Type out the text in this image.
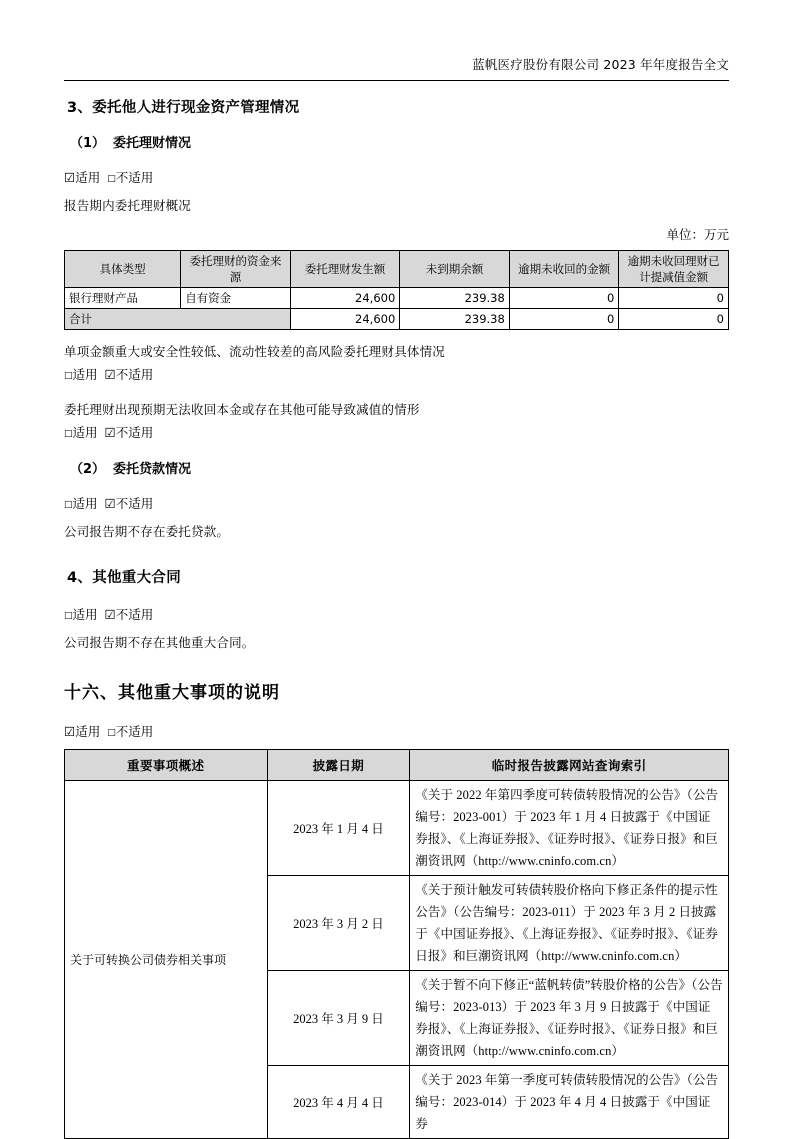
蓝帆医疗股份有限公司 2023 年年度报告全文
3、委托他人进行现金资产管理情况
（1） 委托理财情况

☑适用 □不适用

报告期内委托理财概况

单位：万元

具体类型	委托理财的资金来源	委托理财发生额	未到期余额	逾期未收回的金额	逾期未收回理财已计提减值金额
银行理财产品	自有资金	24,600	239.38	0	0
合计		24,600	239.38	0	0

单项金额重大或安全性较低、流动性较差的高风险委托理财具体情况

□适用 ☑不适用

委托理财出现预期无法收回本金或存在其他可能导致减值的情形

□适用 ☑不适用

（2） 委托贷款情况

□适用 ☑不适用

公司报告期不存在委托贷款。

4、其他重大合同

□适用 ☑不适用

公司报告期不存在其他重大合同。

十六、其他重大事项的说明

☑适用 □不适用

重要事项概述	披露日期	临时报告披露网站查询索引
关于可转换公司债券相关事项	2023 年 1 月 4 日	《关于 2022 年第四季度可转债转股情况的公告》（公告编号：2023-001）于 2023 年 1 月 4 日披露于《中国证券报》、《上海证券报》、《证券时报》、《证券日报》和巨潮资讯网（http://www.cninfo.com.cn）
	2023 年 3 月 2 日	《关于预计触发可转债转股价格向下修正条件的提示性公告》（公告编号：2023-011）于 2023 年 3 月 2 日披露于《中国证券报》、《上海证券报》、《证券时报》、《证券日报》和巨潮资讯网（http://www.cninfo.com.cn）
	2023 年 3 月 9 日	《关于暂不向下修正“蓝帆转债”转股价格的公告》（公告编号：2023-013）于 2023 年 3 月 9 日披露于《中国证券报》、《上海证券报》、《证券时报》、《证券日报》和巨潮资讯网（http://www.cninfo.com.cn）
	2023 年 4 月 4 日	《关于 2023 年第一季度可转债转股情况的公告》（公告编号：2023-014）于 2023 年 4 月 4 日披露于《中国证券
